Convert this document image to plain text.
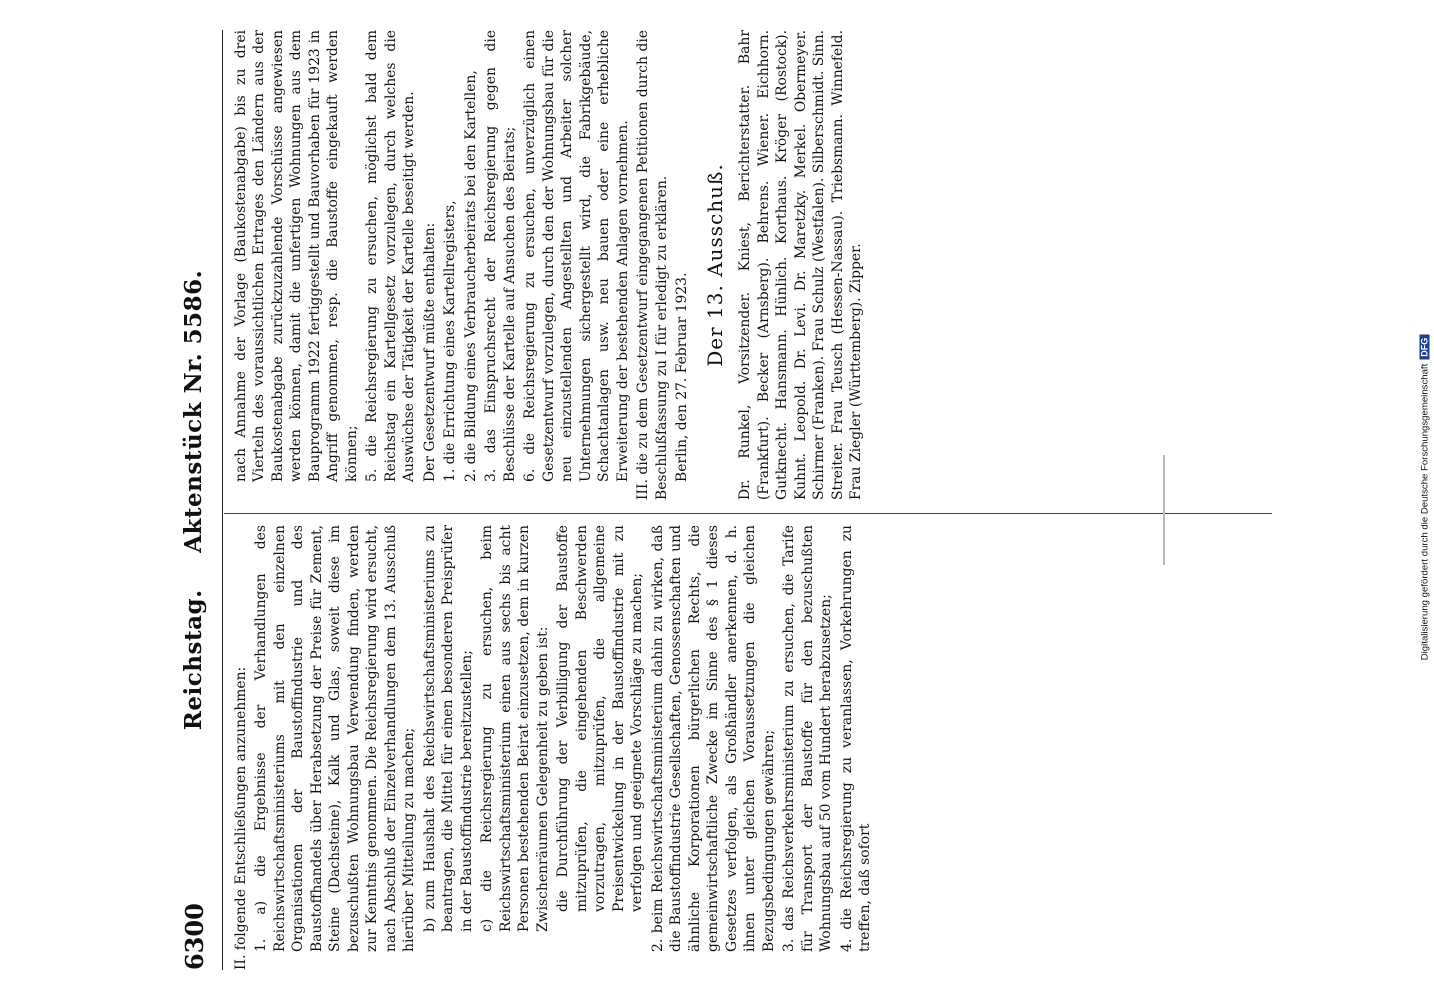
6300
Reichstag. Aktenstück Nr. 5586.

II. folgende Entschließungen anzunehmen: 1. a) die Ergebnisse der Verhandlungen des Reichswirtschaftsministeriums mit den einzelnen Organisationen der Baustoffindustrie und des Baustoffhandels über Herabsetzung der Preise für Zement, Steine (Dachsteine), Kalk und Glas, soweit diese im bezuschußten Wohnungsbau Verwendung finden, werden zur Kenntnis genommen. Die Reichsregierung wird ersucht, nach Abschluß der Einzelverhandlungen dem 13. Ausschuß hierüber Mitteilung zu machen; b) zum Haushalt des Reichswirtschaftsministeriums zu beantragen, die Mittel für einen besonderen Preisprüfer in der Baustoffindustrie bereitzustellen; c) die Reichsregierung zu ersuchen, beim Reichswirtschaftsministerium einen aus sechs bis acht Personen bestehenden Beirat einzusetzen, dem in kurzen Zwischenräumen Gelegenheit zu geben ist: die Durchführung der Verbilligung der Baustoffe mitzuprüfen, die eingehenden Beschwerden vorzutragen, mitzuprüfen, die allgemeine Preisentwickelung in der Baustoffindustrie mit zu verfolgen und geeignete Vorschläge zu machen; 2. beim Reichswirtschaftsministerium dahin zu wirken, daß die Baustoffindustrie Gesellschaften, Genossenschaften und ähnliche Korporationen bürgerlichen Rechts, die gemeinwirtschaftliche Zwecke im Sinne des § 1 dieses Gesetzes verfolgen, als Großhändler anerkennen, d. h. ihnen unter gleichen Voraussetzungen die gleichen Bezugsbedingungen gewähren; 3. das Reichsverkehrsministerium zu ersuchen, die Tarife für Transport der Baustoffe für den bezuschußten Wohnungsbau auf 50 vom Hundert herabzusetzen; 4. die Reichsregierung zu veranlassen, Vorkehrungen zu treffen, daß sofort

nach Annahme der Vorlage (Baukostenabgabe) bis zu drei Vierteln des voraussichtlichen Ertrages den Ländern aus der Baukostenabgabe zurückzuzahlende Vorschüsse angewiesen werden können, damit die unfertigen Wohnungen aus dem Bauprogramm 1922 fertiggestellt und Bauvorhaben für 1923 in Angriff genommen, resp. die Baustoffe eingekauft werden können; 5. die Reichsregierung zu ersuchen, möglichst bald dem Reichstag ein Kartellgesetz vorzulegen, durch welches die Auswüchse der Tätigkeit der Kartelle beseitigt werden. Der Gesetzentwurf müßte enthalten: 1. die Errichtung eines Kartellregisters, 2. die Bildung eines Verbraucherbeirats bei den Kartellen, 3. das Einspruchsrecht der Reichsregierung gegen die Beschlüsse der Kartelle auf Ansuchen des Beirats; 6. die Reichsregierung zu ersuchen, unverzüglich einen Gesetzentwurf vorzulegen, durch den der Wohnungsbau für die neu einzustellenden Angestellten und Arbeiter solcher Unternehmungen sichergestellt wird, die Fabrikgebäude, Schachtanlagen usw. neu bauen oder eine erhebliche Erweiterung der bestehenden Anlagen vornehmen. III. die zu dem Gesetzentwurf eingegangenen Petitionen durch die Beschlußfassung zu I für erledigt zu erklären. Berlin, den 27. Februar 1923.

Der 13. Ausschuß. Dr. Runkel, Vorsitzender. Kniest, Berichterstatter. Bahr (Frankfurt). Becker (Arnsberg). Behrens. Wiener. Eichhorn. Gutknecht. Hansmann. Hünlich. Korthaus. Kröger (Rostock). Kuhnt. Leopold. Dr. Levi. Dr. Maretzky. Merkel. Obermeyer. Schirmer (Franken). Frau Schulz (Westfalen). Silberschmidt. Sinn. Streiter. Frau Teusch (Hessen-Nassau). Triebsmann. Winnefeld. Frau Ziegler (Württemberg). Zipper.	Digitalisierung gefördert durch die Deutsche ForschungsgemeinschaftDFG
